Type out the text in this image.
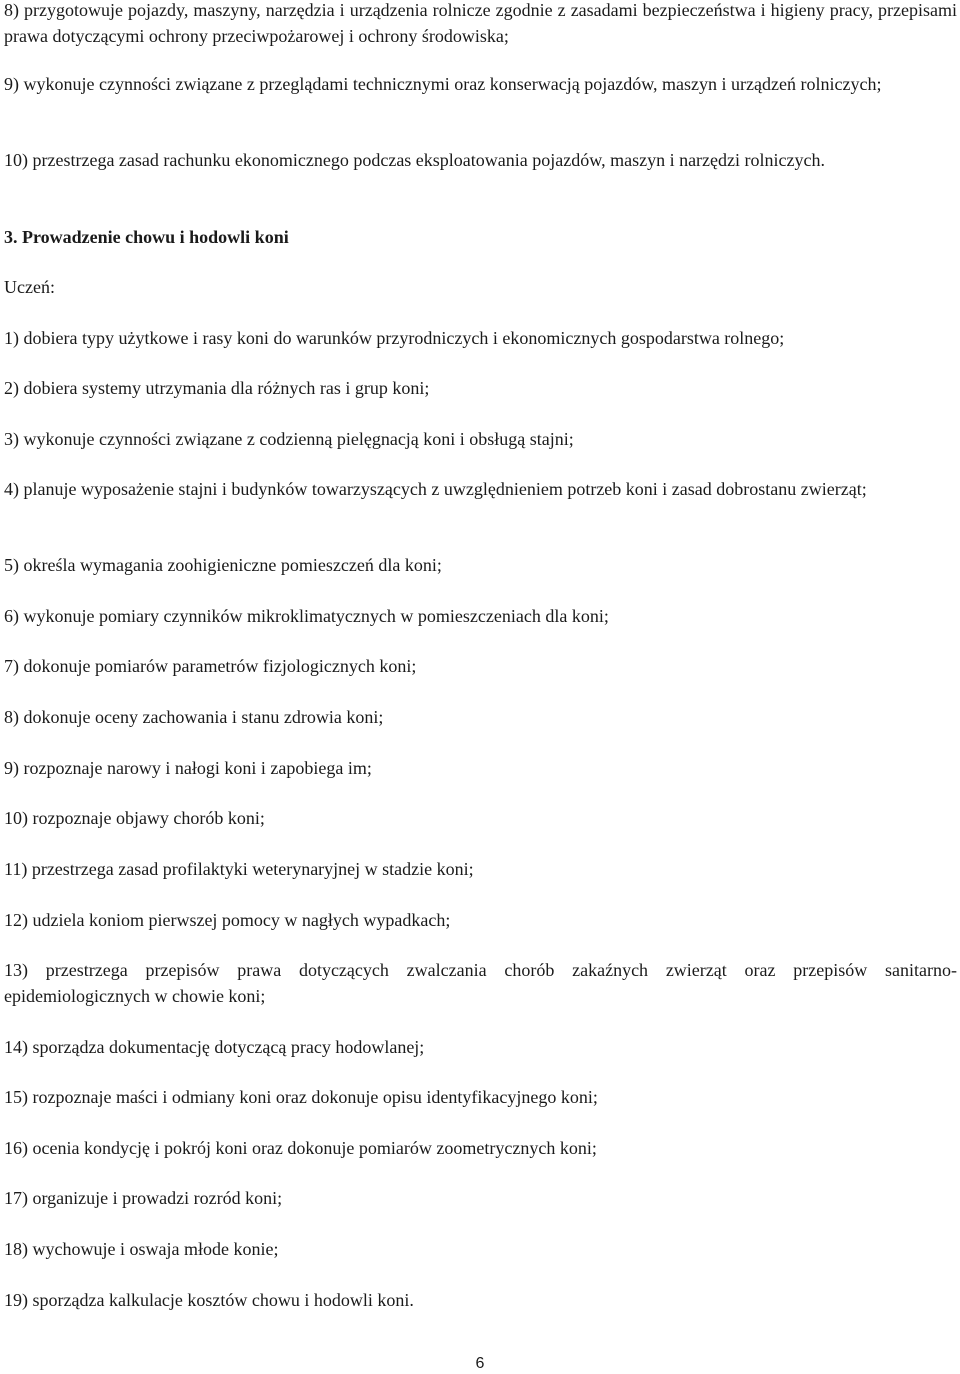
8) przygotowuje pojazdy, maszyny, narzędzia i urządzenia rolnicze zgodnie z zasadami bezpieczeństwa i higieny pracy, przepisami prawa dotyczącymi ochrony przeciwpożarowej i ochrony środowiska;

9) wykonuje czynności związane z przeglądami technicznymi oraz konserwacją pojazdów, maszyn i urządzeń rolniczych;

10) przestrzega zasad rachunku ekonomicznego podczas eksploatowania pojazdów, maszyn i narzędzi rolniczych.

3. Prowadzenie chowu i hodowli koni

Uczeń:

1) dobiera typy użytkowe i rasy koni do warunków przyrodniczych i ekonomicznych gospodarstwa rolnego;

2) dobiera systemy utrzymania dla różnych ras i grup koni;

3) wykonuje czynności związane z codzienną pielęgnacją koni i obsługą stajni;

4) planuje wyposażenie stajni i budynków towarzyszących z uwzględnieniem potrzeb koni i zasad dobrostanu zwierząt;

5) określa wymagania zoohigieniczne pomieszczeń dla koni;

6) wykonuje pomiary czynników mikroklimatycznych w pomieszczeniach dla koni;

7) dokonuje pomiarów parametrów fizjologicznych koni;

8) dokonuje oceny zachowania i stanu zdrowia koni;

9) rozpoznaje narowy i nałogi koni i zapobiega im;

10) rozpoznaje objawy chorób koni;

11) przestrzega zasad profilaktyki weterynaryjnej w stadzie koni;

12) udziela koniom pierwszej pomocy w nagłych wypadkach;

13) przestrzega przepisów prawa dotyczących zwalczania chorób zakaźnych zwierząt oraz przepisów sanitarno-epidemiologicznych w chowie koni;

14) sporządza dokumentację dotyczącą pracy hodowlanej;

15) rozpoznaje maści i odmiany koni oraz dokonuje opisu identyfikacyjnego koni;

16) ocenia kondycję i pokrój koni oraz dokonuje pomiarów zoometrycznych koni;

17) organizuje i prowadzi rozród koni;

18) wychowuje i oswaja młode konie;

19) sporządza kalkulacje kosztów chowu i hodowli koni.

6
